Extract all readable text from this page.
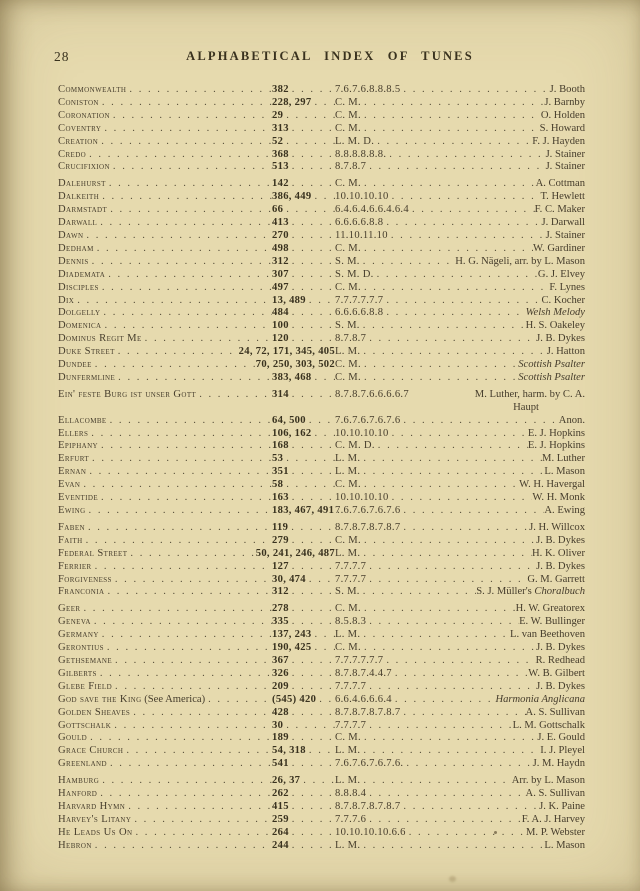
28	ALPHABETICAL INDEX OF TUNES
Commonwealth . . .	382 . . .	7.6.7.6.8.8.8.5 . . .	J. Booth
Coniston . . .	228, 297 . . . C. M. . . .	J. Barnby
Coronation . . .	29 . . .	C. M. . . .	O. Holden
Coventry . . .	313 . . .	C. M. . . .	S. Howard
Creation . . .	52 . . .	L. M. D. . . .	F. J. Hayden
Credo . . .	368 . . .	8.8.8.8.8.8. . . .	J. Stainer
Crucifixion . . .	513 . . .	8.7.8.7 . . .	J. Stainer
Dalehurst . . .	142 . . .	C. M. . . .	A. Cottman
Dalkeith . . .	386, 449 . . . 10.10.10.10 . . .	T. Hewlett
Darmstadt . . .	66 . . .	6.4.6.4.6.6.4.6.4 . . .	F. C. Maker
Darwall . . .	413 . . .	6.6.6.6.8.8 . . .	J. Darwall
Dawn . . .	270 . . .	11.10.11.10 . . .	J. Stainer
Dedham . . .	498 . . .	C. M. . . .	W. Gardiner
Dennis . . .	312 . . .	S. M. . . .	H. G. Nägeli, arr. by L. Mason
Diademata . . .	307 . . .	S. M. D. . . .	G. J. Elvey
Disciples . . .	497 . . .	C. M. . . .	F. Lynes
Dix . . .	13, 489 . . .	7.7.7.7.7.7 . . .	C. Kocher
Dolgelly . . .	484 . . .	6.6.6.6.8.8 . . .	Welsh Melody
Domenica . . .	100 . . .	S. M. . . .	H. S. Oakeley
Dominus Regit Me . . .	120 . . .	8.7.8.7 . . .	J. B. Dykes
Duke Street . . .	24, 72, 171, 345, 405 L. M. . . .	J. Hatton
Dundee . . .	70, 250, 303, 502 C. M. . . .	Scottish Psalter
Dunfermline . . .	383, 468 . . . C. M. . . .	Scottish Psalter
Ein' feste Burg ist unser Gott . . .	314 . . .	8.7.8.7.6.6.6.6.7	M. Luther, harm. by C. A.
Haupt
Ellacombe . . .	64, 500 . . .	7.6.7.6.7.6.7.6 . . .	Anon.
Ellers . . .	106, 162 . . . 10.10.10.10 . . .	E. J. Hopkins
Epiphany . . .	168 . . .	C. M. D. . . .	E. J. Hopkins
Erfurt . . .	53 . . .	L. M. . . .	M. Luther
Ernan . . .	351 . . .	L. M. . . .	L. Mason
Evan . . .	58 . . .	C. M. . . .	W. H. Havergal
Eventide . . .	163 . . .	10.10.10.10 . . .	W. H. Monk
Ewing . . .	183, 467, 491 . . . 7.6.7.6.7.6.7.6 . . .	A. Ewing
Faben . . .	119 . . .	8.7.8.7.8.7.8.7 . . .	J. H. Willcox
Faith . . .	279 . . .	C. M. . . .	J. B. Dykes
Federal Street . . .	50, 241, 246, 487 L. M. . . .	H. K. Oliver
Ferrier . . .	127 . . .	7.7.7.7 . . .	J. B. Dykes
Forgiveness . . .	30, 474 . . .	7.7.7.7 . . .	G. M. Garrett
Franconia . . .	312 . . .	S. M. . . .	S. J. Müller's Choralbuch
Geer . . .	278 . . .	C. M. . . .	H. W. Greatorex
Geneva . . .	335 . . .	8.5.8.3 . . .	E. W. Bullinger
Germany . . .	137, 243 . . . L. M. . . .	L. van Beethoven
Gerontius . . .	190, 425 . . . C. M. . . .	J. B. Dykes
Gethsemane . . .	367 . . .	7.7.7.7.7.7 . . .	R. Redhead
Gilberts . . .	326 . . .	8.7.8.7.4.4.7 . . .	W. B. Gilbert
Glebe Field . . .	209 . . .	7.7.7.7 . . .	J. B. Dykes
God save the King (See America) . . .	(545) 420 . . . 6.6.4.6.6.6.4 . . .	Harmonia Anglicana
Golden Sheaves . . .	428 . . .	8.7.8.7.8.7.8.7 . . .	A. S. Sullivan
Gottschalk . . .	30 . . .	7.7.7.7 . . .	L. M. Gottschalk
Gould . . .	189 . . .	C. M. . . .	J. E. Gould
Grace Church . . .	54, 318 . . .	L. M. . . .	I. J. Pleyel
Greenland . . .	541 . . .	7.6.7.6.7.6.7.6. . . .	J. M. Haydn
Hamburg . . .	26, 37 . . .	L. M. . . .	Arr. by L. Mason
Hanford . . .	262 . . .	8.8.8.4 . . .	A. S. Sullivan
Harvard Hymn . . .	415 . . .	8.7.8.7.8.7.8.7 . . .	J. K. Paine
Harvey's Litany . . .	259 . . .	7.7.7.6 . . .	F. A. J. Harvey
He Leads Us On . . .	264 . . .	10.10.10.10.6.6 . . .	M. P. Webster
Hebron . . .	244 . . .	L. M. . . .	L. Mason
